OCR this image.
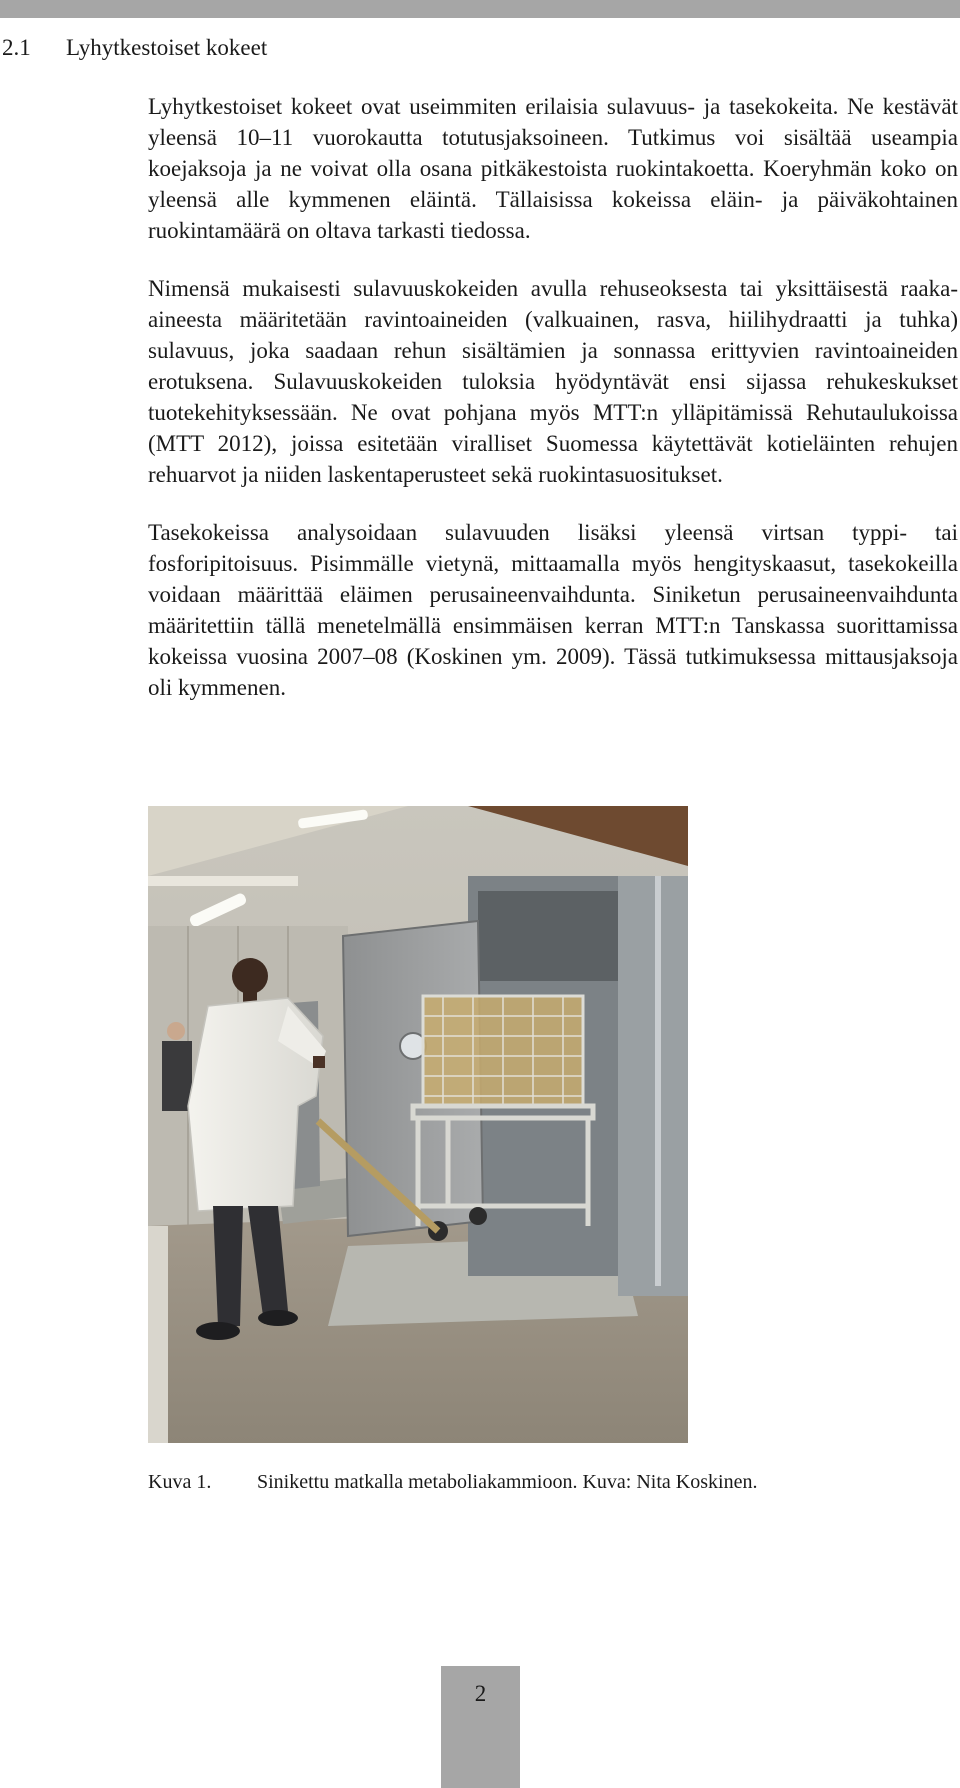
2.1 Lyhytkestoiset kokeet

Lyhytkestoiset kokeet ovat useimmiten erilaisia sulavuus- ja tasekokeita. Ne kestävät yleensä 10–11 vuorokautta totutusjaksoineen. Tutkimus voi sisältää useampia koejaksoja ja ne voivat olla osana pitkäkestoista ruokintakoetta. Koeryhmän koko on yleensä alle kymmenen eläintä. Tällaisissa kokeissa eläin- ja päiväkohtainen ruokintamäärä on oltava tarkasti tiedossa.

Nimensä mukaisesti sulavuuskokeiden avulla rehuseoksesta tai yksittäisestä raaka-aineesta määritetään ravintoaineiden (valkuainen, rasva, hiilihydraatti ja tuhka) sulavuus, joka saadaan rehun sisältämien ja sonnassa erittyvien ravintoaineiden erotuksena. Sulavuuskokeiden tuloksia hyödyntävät ensi sijassa rehukeskukset tuotekehityksessään. Ne ovat pohjana myös MTT:n ylläpitämissä Rehutaulukoissa (MTT 2012), joissa esitetään viralliset Suomessa käytettävät kotieläinten rehujen rehuarvot ja niiden laskentaperusteet sekä ruokintasuositukset.

Tasekokeissa analysoidaan sulavuuden lisäksi yleensä virtsan typpi- tai fosforipitoisuus. Pisimmälle vietynä, mittaamalla myös hengityskaasut, tasekokeilla voidaan määrittää eläimen perusaineenvaihdunta. Siniketun perusaineenvaihdunta määritettiin tällä menetelmällä ensimmäisen kerran MTT:n Tanskassa suorittamissa kokeissa vuosina 2007–08 (Koskinen ym. 2009). Tässä tutkimuksessa mittausjaksoja oli kymmenen.

Kuva 1. Sinikettu matkalla metaboliakammioon. Kuva: Nita Koskinen.
2
